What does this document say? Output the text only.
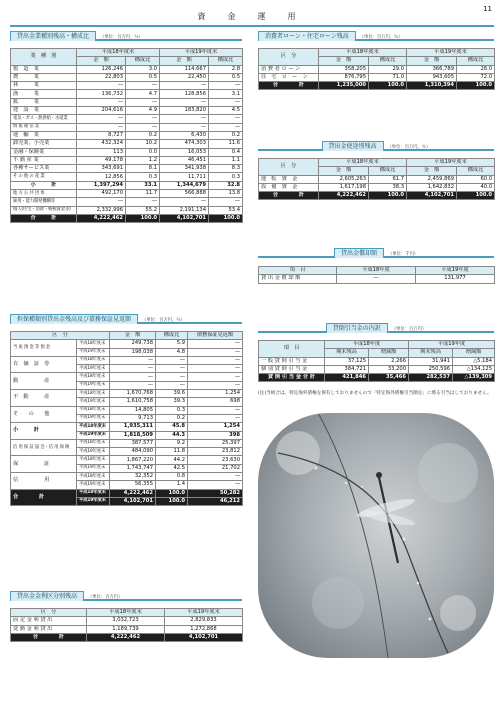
11
資　金　運　用
貸出金業種別残高・構成比	（単位：百万円、％）
業　種　別	平成18年度末		平成19年度末	
	金　額	構成比	金　額	構成比
製　造　業	126,246	3.0	114,667	2.8
農　　　業	22,803	0.5	22,450	0.5
林　　　業	—	—	—	—
漁　　　業	136,732	4.7	128,856	3.1
鉱　　　業	—	—	—	—
建　設　業	204,616	4.9	183,820	4.5
電気・ガス・熱供給・水道業	—	—	—	—
情 報 通 信 業	—	—	—	—
運　輸　業	8,727	0.2	6,430	0.2
卸売業、小売業	432,324	10.2	474,303	11.6
金融・保険業	113	0.0	16,053	0.4
不 動 産 業	49,178	1.2	46,451	1.1
各種サービス業	343,691	8.1	341,938	8.3
そ の 他 の 産 業	12,856	0.3	11,711	0.3
小　　　計	1,397,294	33.1	1,344,679	32.8
地 方 公 共 団 体	492,170	11.7	566,888	13.8
雇用・能力開発機構等	—	—	—	—
個人(住宅・消費・納税資金等)	2,332,996	55.2	2,191,134	53.4
合　　　計	4,222,462	100.0	4,102,701	100.0
消費者ローン・住宅ローン残高	（単位：百万円、％）
区　分	平成18年度末		平成19年度末	
	金　額	構成比	金　額	構成比
消 費 者 ロ ー ン	358,205	29.0	366,789	28.0
住　宅　ロ　ー　ン	876,795	71.0	943,605	72.0
合　　　　計	1,235,000	100.0	1,310,394	100.0
貸出金使途別残高	（単位：百万円、％）
区　分	平成18年度末		平成19年度末	
	金　額	構成比	金　額	構成比
運　転　資　金	2,605,263	61.7	2,459,869	60.0
設　備　資　金	1,617,198	38.3	1,642,832	40.0
合　　　　計	4,222,462	100.0	4,102,701	100.0
貸出金償却額	（単位：千円）
項　目	平成18年度	平成19年度
貸 出 金 償 却 額	—	131,977
担保種類別貸出金残高及び債務保証見返額	（単位：百万円、％）
区　分		金　額	構成比	債務保証見返額
当 座 預 金 等 預 金	平成18年度末	249,738	5.9	—
	平成19年度末	198,038	4.8	—
有　価　証　券	平成18年度末	—	—	—
	平成19年度末	—	—	—
動　　　　　産	平成18年度末	—	—	—
	平成19年度末	—	—	—
不　動　　　産	平成18年度末	1,670,768	39.6	1,254
	平成19年度末	1,610,758	39.3	698
そ　　の　　他	平成18年度末	14,805	0.3	—
	平成19年度末	9,713	0.2	—
小　　　計	平成18年度末	1,935,311	45.8	1,254
	平成19年度末	1,818,509	44.3	398
信 用 保 証 協 会・信 用 保 険	平成18年度末	387,577	9.2	25,397
	平成19年度末	484,090	11.8	23,812
保　　　　　証	平成18年度末	1,867,220	44.2	23,630
	平成19年度末	1,743,747	42.5	21,702
信　　　　　用	平成18年度末	32,352	0.8	—
	平成19年度末	56,355	1.4	—
合　　　　計	平成18年度末	4,222,462	100.0	50,282
	平成19年度末	4,102,701	100.0	46,212
貸倒引当金の内訳	（単位：百万円）
項　目	平成18年度		平成19年度	
	期末残高	増減額	期末残高	増減額
一 般 貸 倒 引 当 金	37,125	2,266	31,941	△5,184
個 別 貸 倒 引 当 金	384,721	33,200	250,596	△134,125
貸 倒 引 当 金 合 計	421,846	35,466	282,537	△139,309
(注)当組合は、特定海外債権を保有しておりませんので「特定海外債権引当勘定」に係る引当はしておりません。
貸出金金利区分別残高	（単位：百万円）
区　分	平成18年度末	平成19年度末
固 定 金 利 貸 出	3,032,723	2,829,833
変 動 金 利 貸 出	1,189,739	1,272,868
合　　　　計	4,222,462	4,102,701
